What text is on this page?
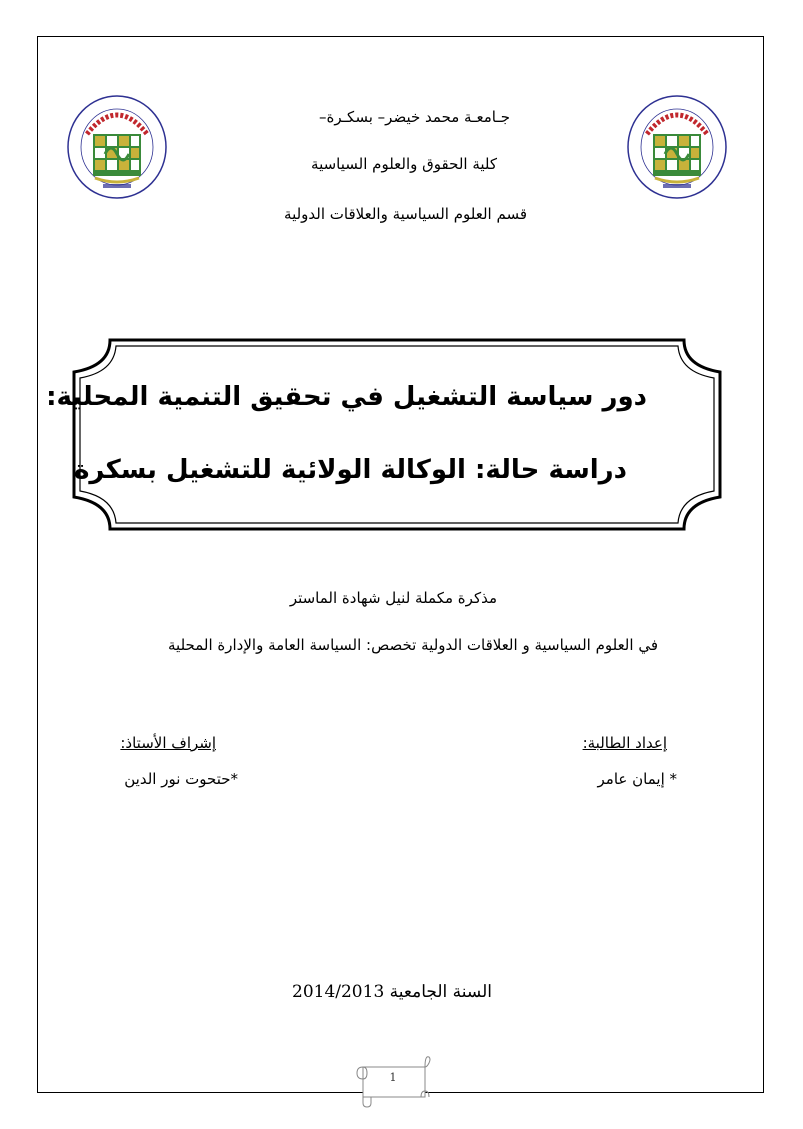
جـامعـة محمد خيضر– بسكـرة–
كلية الحقوق والعلوم السياسية
قسم العلوم السياسية والعلاقات الدولية
دور سياسة التشغيل في تحقيق التنمية المحلية:
دراسة حالة: الوكالة الولائية للتشغيل بسكرة
مذكرة مكملة لنيل شهادة الماستر
في العلوم السياسية و العلاقات الدولية تخصص: السياسة العامة والإدارة المحلية
إعداد الطالبة:
* إيمان عامر
إشراف الأستاذ:
*حتحوت نور الدين
السنة الجامعية 2014/2013
1
